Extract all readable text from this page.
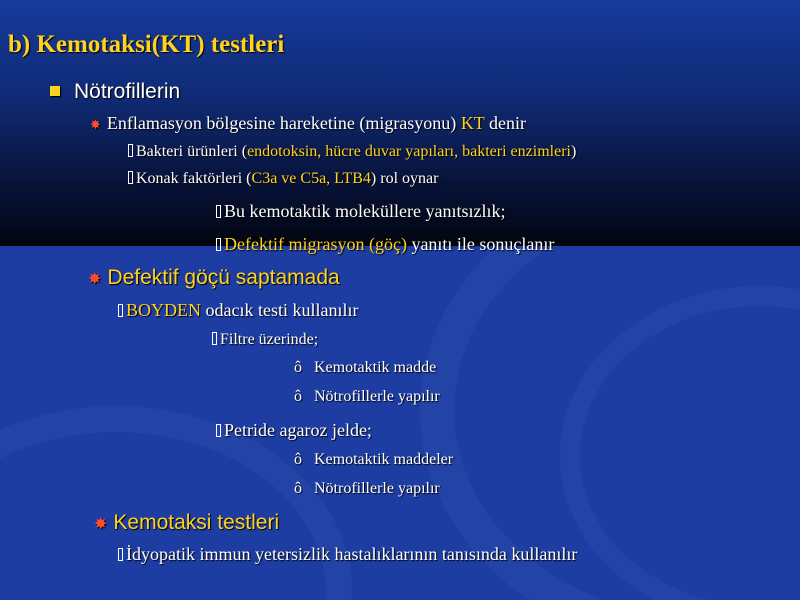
b) Kemotaksi(KT) testleri
Nötrofillerin
✸ Enflamasyon bölgesine hareketine (migrasyonu) KT denir
Bakteri ürünleri (endotoksin, hücre duvar yapıları, bakteri enzimleri)
Konak faktörleri (C3a ve C5a, LTB4) rol oynar
Bu kemotaktik moleküllere yanıtsızlık;
Defektif migrasyon (göç) yanıtı ile sonuçlanır
✸ Defektif göçü saptamada
BOYDEN odacık testi kullanılır
Filtre üzerinde;
ô Kemotaktik madde
ô Nötrofillerle yapılır
Petride agaroz jelde;
ô Kemotaktik maddeler
ô Nötrofillerle yapılır
✸ Kemotaksi testleri
İdyopatik immun yetersizlik hastalıklarının tanısında kullanılır
